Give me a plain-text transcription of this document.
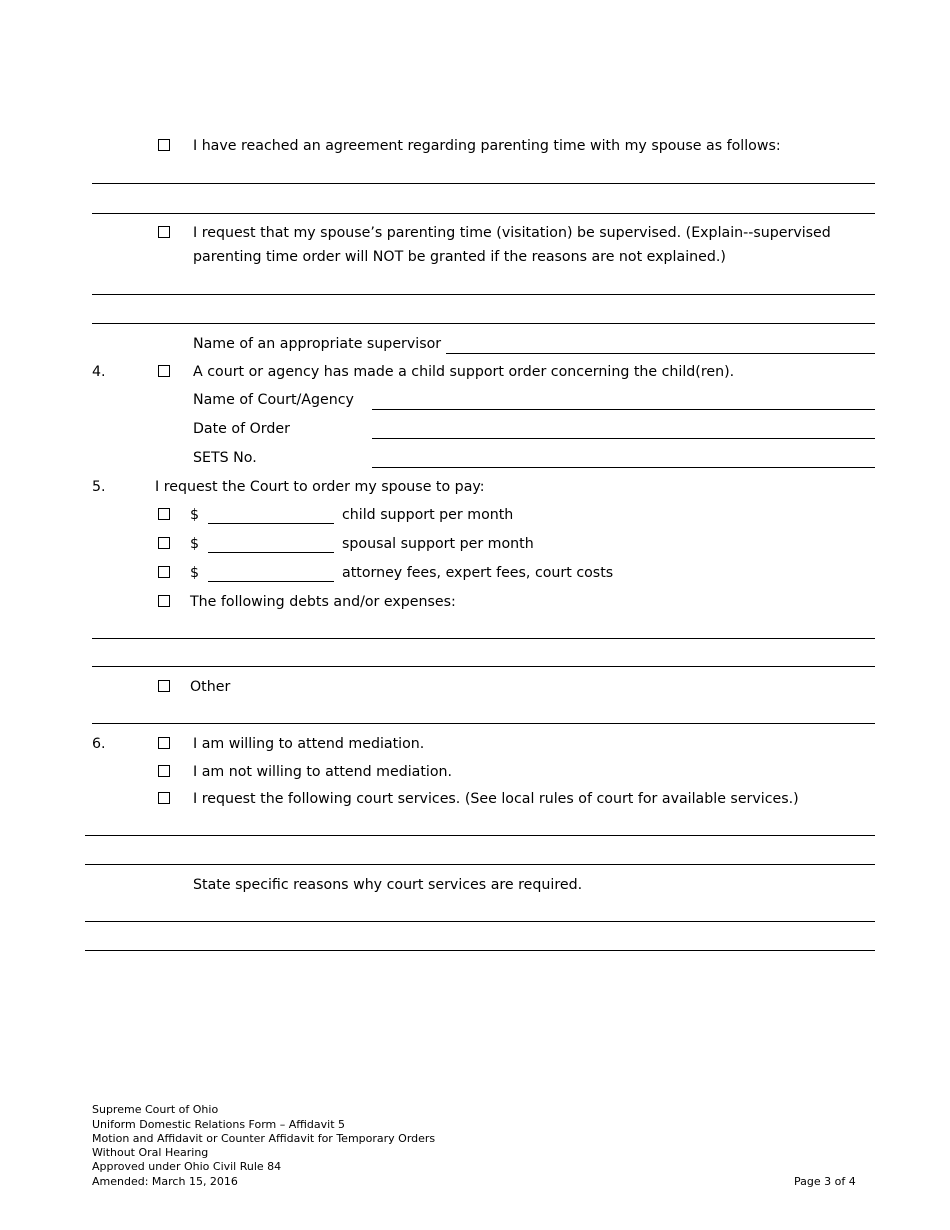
I have reached an agreement regarding parenting time with my spouse as follows:
I request that my spouse’s parenting time (visitation) be supervised. (Explain--supervised
parenting time order will NOT be granted if the reasons are not explained.)
Name of an appropriate supervisor
4.	A court or agency has made a child support order concerning the child(ren).
Name of Court/Agency
Date of Order
SETS No.
5.	I request the Court to order my spouse to pay:
$	child support per month
$	spousal support per month
$	attorney fees, expert fees, court costs
The following debts and/or expenses:
Other
6.	I am willing to attend mediation.
I am not willing to attend mediation.
I request the following court services. (See local rules of court for available services.)
State specific reasons why court services are required.
Supreme Court of Ohio
Uniform Domestic Relations Form – Affidavit 5
Motion and Affidavit or Counter Affidavit for Temporary Orders
Without Oral Hearing
Approved under Ohio Civil Rule 84
Amended: March 15, 2016	Page 3 of 4
